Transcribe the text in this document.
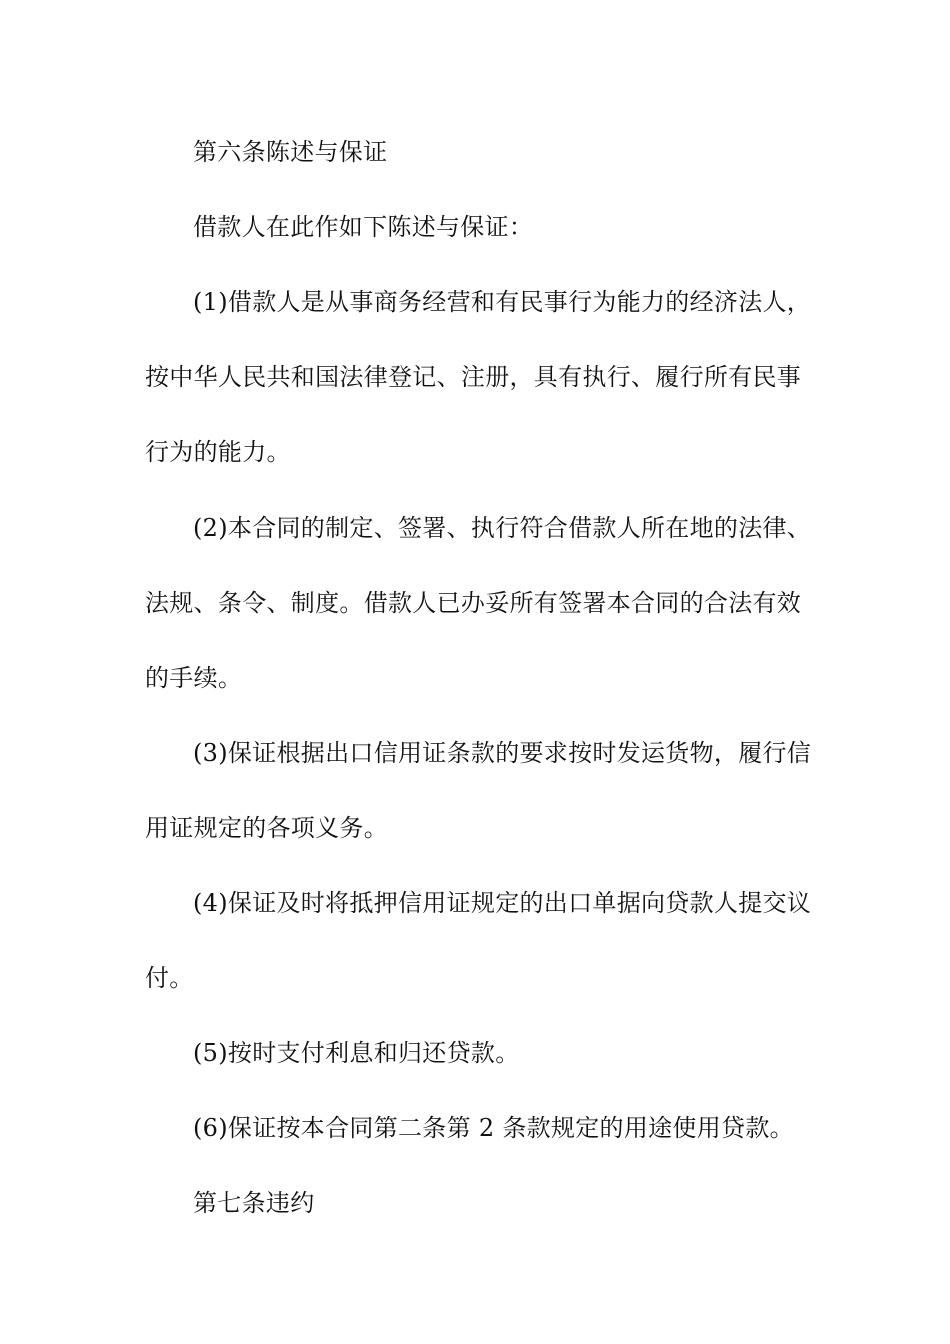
第六条陈述与保证
借款人在此作如下陈述与保证：
(1)借款人是从事商务经营和有民事行为能力的经济法人，
按中华人民共和国法律登记、注册，具有执行、履行所有民事
行为的能力。
(2)本合同的制定、签署、执行符合借款人所在地的法律、
法规、条令、制度。借款人已办妥所有签署本合同的合法有效
的手续。
(3)保证根据出口信用证条款的要求按时发运货物，履行信
用证规定的各项义务。
(4)保证及时将抵押信用证规定的出口单据向贷款人提交议
付。
(5)按时支付利息和归还贷款。
(6)保证按本合同第二条第 2 条款规定的用途使用贷款。
第七条违约
